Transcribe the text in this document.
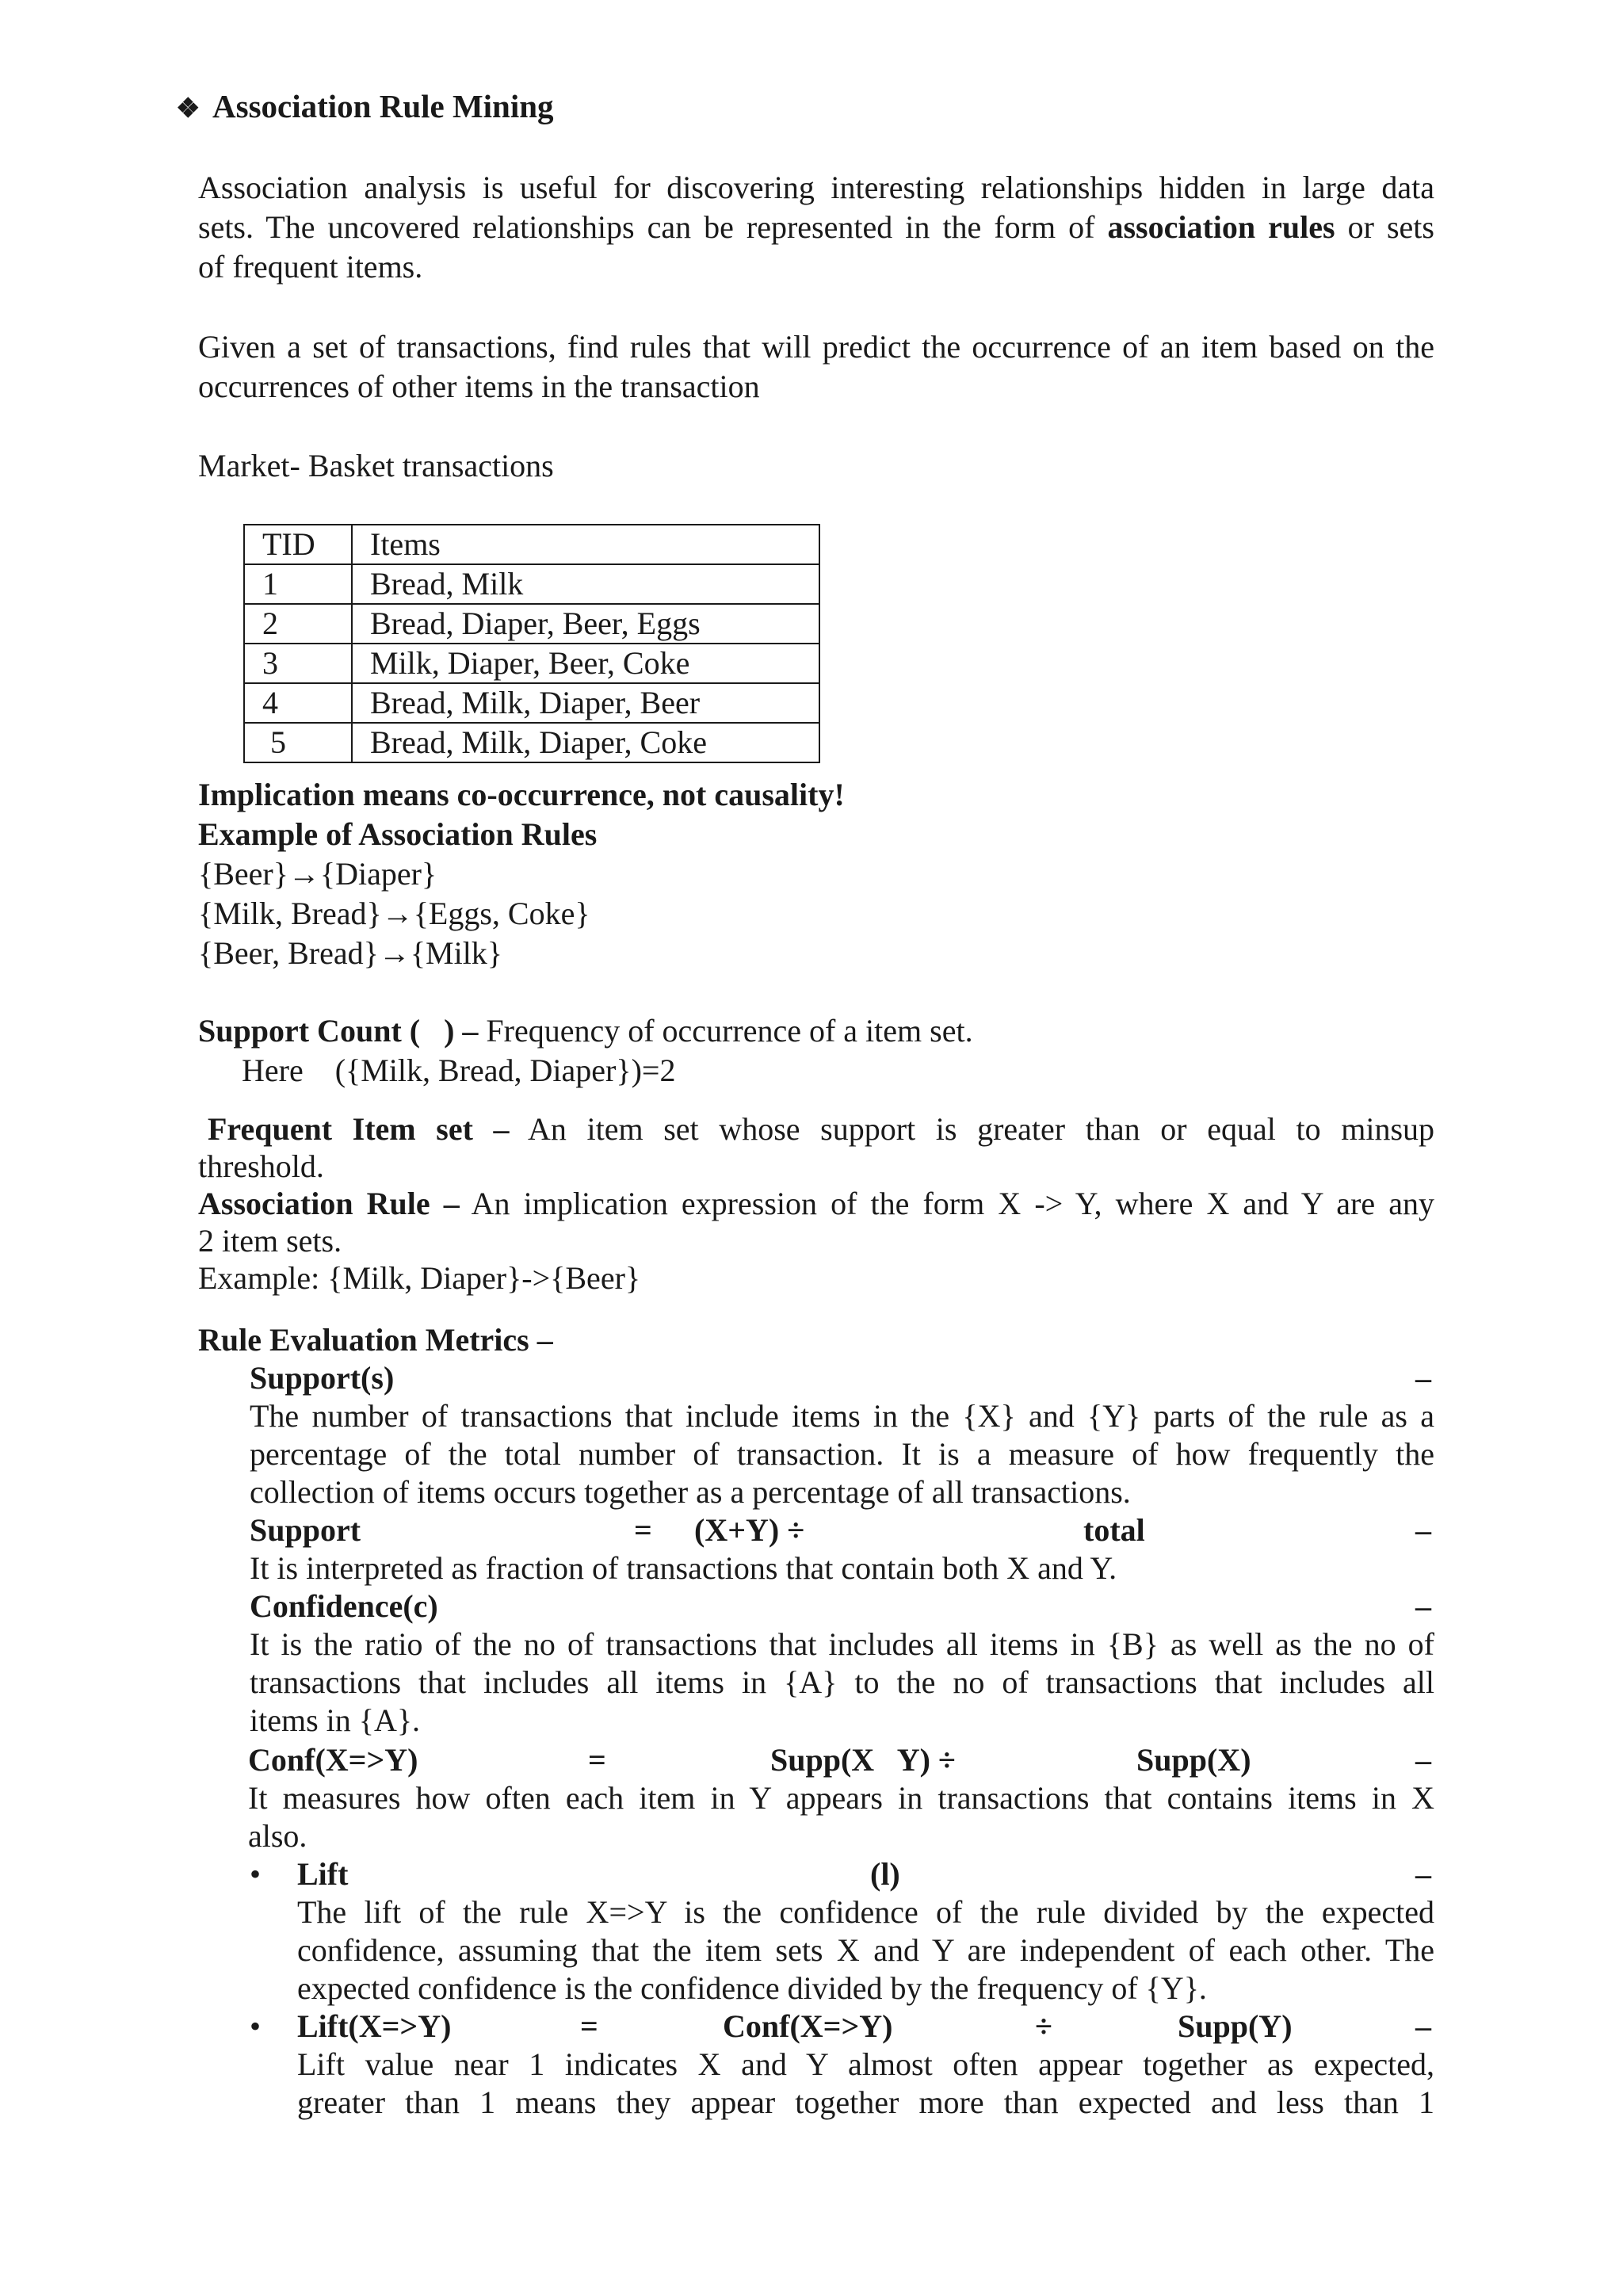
❖ Association Rule Mining
Association analysis is useful for discovering interesting relationships hidden in large data
sets. The uncovered relationships can be represented in the form of association rules or sets
of frequent items.
Given a set of transactions, find rules that will predict the occurrence of an item based on the
occurrences of other items in the transaction
Market- Basket transactions
TID	Items
1	Bread, Milk
2	Bread, Diaper, Beer, Eggs
3	Milk, Diaper, Beer, Coke
4	Bread, Milk, Diaper, Beer
5	Bread, Milk, Diaper, Coke
Implication means co-occurrence, not causality!
Example of Association Rules
{Beer}→{Diaper}
{Milk, Bread}→{Eggs, Coke}
{Beer, Bread}→{Milk}
Support Count (   ) – Frequency of occurrence of a item set.
Here    ({Milk, Bread, Diaper})=2
Frequent Item set – An item set whose support is greater than or equal to minsup
threshold.
Association Rule – An implication expression of the form X -> Y, where X and Y are any
2 item sets.
Example: {Milk, Diaper}->{Beer}
Rule Evaluation Metrics –
Support(s)	–
The number of transactions that include items in the {X} and {Y} parts of the rule as a
percentage of the total number of transaction. It is a measure of how frequently the
collection of items occurs together as a percentage of all transactions.
Support	= (X+Y) ÷	total	–
It is interpreted as fraction of transactions that contain both X and Y.
Confidence(c)	–
It is the ratio of the no of transactions that includes all items in {B} as well as the no of
transactions that includes all items in {A} to the no of transactions that includes all
items in {A}.
Conf(X=>Y)	=	Supp(X   Y) ÷	Supp(X)	–
It measures how often each item in Y appears in transactions that contains items in X
also.
• Lift	(l)	–
The lift of the rule X=>Y is the confidence of the rule divided by the expected
confidence, assuming that the item sets X and Y are independent of each other. The
expected confidence is the confidence divided by the frequency of {Y}.
• Lift(X=>Y)	=	Conf(X=>Y)	÷	Supp(Y)	–
Lift value near 1 indicates X and Y almost often appear together as expected,
greater than 1 means they appear together more than expected and less than 1
